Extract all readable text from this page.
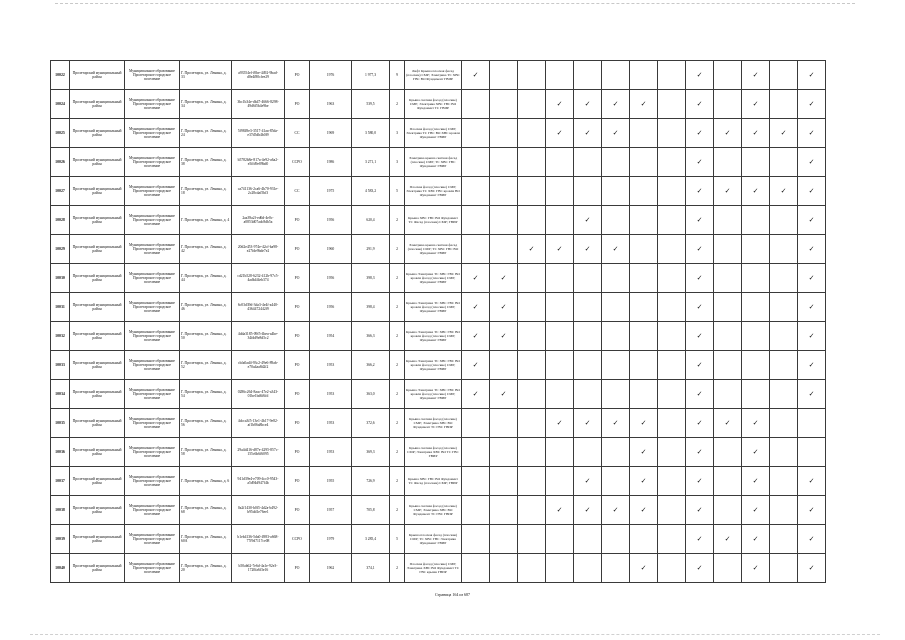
10022	Пролетарский муниципальный район	Муниципальное образование Пролетарское городское поселение	Г. Пролетарск, ул. Ленина, д. 33	a93554ef-f0be-4492-9bad-d0e4f80cfee29	РО	1976	1 977,3	9	Лифт Крыша плоская фасад (плоские) СМР; Электрика ТС ХВС ГВС ВО Фундамент ГВИР	✓								✓		✓		✓
10024	Пролетарский муниципальный район	Муниципальное образование Пролетарское городское поселение	Г. Пролетарск, ул. Ленина, д. 34	3bc1b34e-db47-4666-8298-49d6f5b4e9be	РО	1963	539,5	2	Крыша скатная фасад (плоские) СМР; Электрика ХВС ГВС ВО Фундамент ТС ГВИР				✓	✓	✓	✓		✓		✓		✓
10025	Пролетарский муниципальный район	Муниципальное образование Пролетарское городское поселение	Г. Пролетарск, ул. Ленина, д. 24	5f9849e3-3517-41aa-85da-e37d5db4b0f9	СС	1969	3 580,0	3	Плоская фасад (плоские) СМР; Электрика ТС ГВС ВО ХВС кровли Фундамент ГВИР				✓	✓	✓			✓	✓	✓	✓	✓
10026	Пролетарский муниципальный район	Муниципальное образование Пролетарское городское поселение	Г. Пролетарск, ул. Ленина, д. 38	b5782b8e-817a-4e92-a6a2-e5ffd9e89bd0	ССРО	1986	3 271,1	3	Электрика крыша скатная фасад (плоские) СМР; ТС ХВС ГВС Фундамент ГВИР									✓				✓
10027	Пролетарский муниципальный район	Муниципальное образование Пролетарское городское поселение	Г. Пролетарск, ул. Ленина, д. 18	ca741136-2ca6-4b70-931e-2c28cdaf5bf3	СС	1975	4 583,2	5	Плоская фасад (плоские) СМР; Электрика ТС ХВС ГВС кровли ВО Фундамент ГВИР									✓	✓	✓	✓	✓
10028	Пролетарский муниципальный район	Муниципальное образование Пролетарское городское поселение	Г. Пролетарск, ул. Ленина, д. 4	2aa39a2f-ed6d-4e0c-a0853d07adc8db5a	РО	1956	620,4	2	Крыша ХВС ГВС ВО Фундамент ТС Фасад (плоские) СМР; ГВИР					✓				✓				✓
10029	Пролетарский муниципальный район	Муниципальное образование Пролетарское городское поселение	Г. Пролетарск, ул. Ленина, д. 42	20d2e453-974e-42cf-ba98-e27fde9bde7e2	РО	1960	291,9	2	Электрика крыша скатная фасад (плоские) СМР; ТС ХВС ГВС ВО Фундамент ГВИР			✓	✓	✓	✓			✓				✓
10030	Пролетарский муниципальный район	Муниципальное образование Пролетарское городское поселение	Г. Пролетарск, ул. Ленина, д. 44	cd21b528-6232-412b-97c5-4adb4f4eb374	РО	1956	398,3	2	Крыша Электрика ТС ХВС ГВС ВО кровли фасад (плоские) СМР; Фундамент ГВИР	✓	✓							✓				✓
10031	Пролетарский муниципальный район	Муниципальное образование Пролетарское городское поселение	Г. Пролетарск, ул. Ленина, д. 46	6c03d39d-3da3-4e4f-a440-4364472442f9	РО	1956	398,4	2	Крыша Электрика ТС ХВС ГВС ВО кровли фасад (плоские) СМР; Фундамент ГВИР	✓	✓							✓				✓
10032	Пролетарский муниципальный район	Муниципальное образование Пролетарское городское поселение	Г. Пролетарск, ул. Ленина, д. 50	4dda3185-09f5-4bea-a4be-34fdd9e8d5c2	РО	1954	366,3	2	Крыша Электрика ТС ХВС ГВС ВО кровли фасад (плоские) СМР; Фундамент ГВИР	✓	✓							✓				✓
10033	Пролетарский муниципальный район	Муниципальное образование Пролетарское городское поселение	Г. Пролетарск, ул. Ленина, д. 52	cbfa0ad4-93c2-49e6-89ab-e70a4aa8d2f2	РО	1953	366,2	2	Крыша Электрика ТС ХВС ГВС ВО кровли фасад (плоские) СМР; Фундамент ГВИР	✓								✓				✓
10034	Пролетарский муниципальный район	Муниципальное образование Пролетарское городское поселение	Г. Пролетарск, ул. Ленина, д. 54	0286c264-8aac-47e2-a343-01be1bd6f6fd	РО	1953	363,0	2	Крыша Электрика ТС ХВС ГВС ВО кровли фасад (плоские) СМР; Фундамент ГВИР	✓	✓							✓				✓
10035	Пролетарский муниципальный район	Муниципальное образование Пролетарское городское поселение	Г. Пролетарск, ул. Ленина, д. 56	4dcca3f5-13e1-4b17-9e82-af1b06a8bce4	РО	1953	372,6	2	Крыша скатная фасад (плоские) СМР; Электрика ХВС ВО Фундамент ТС ГВС ГВИР				✓	✓	✓	✓		✓	✓	✓		
10036	Пролетарский муниципальный район	Муниципальное образование Пролетарское городское поселение	Г. Пролетарск, ул. Ленина, д. 58	29a4d416-d87e-4295-857c-155c6b6f6095	РО	1953	369,3	2	Крыша скатная фасад (плоские) СМР; Электрика ХВС ВО ТС ГВС ГВИР							✓		✓		✓		
10037	Пролетарский муниципальный район	Муниципальное образование Пролетарское городское поселение	Г. Пролетарск, ул. Ленина, д. 6	941d39e4-e709-4cc0-9543-a5d94d947f4b	РО	1955	726,9	2	Крыша ХВС ГВС ВО Фундамент ТС Фасад (плоские) СМР; ГВИР					✓		✓		✓		✓		✓
10038	Пролетарский муниципальный район	Муниципальное образование Пролетарское городское поселение	Г. Пролетарск, ул. Ленина, д. 68	0a2f1430-b0f5-4d2a-b492-b95dd1e76ee1	РО	1957	705,8	2	Крыша скатная фасад (плоские) СМР; Электрика ХВС ВО Фундамент ТС ГВС ГВИР				✓	✓	✓	✓		✓		✓		✓
10039	Пролетарский муниципальный район	Муниципальное образование Пролетарское городское поселение	Г. Пролетарск, ул. Ленина, д. 60А	b1eb4136-5da0-4983-a668-77f9d7117ce08	ССРО	1979	3 285,4	5	Крыша плоская фасад (плоские) СМР; ТС ХВС ГВС Электрика Фундамент ГВИР									✓	✓	✓		✓
10040	Пролетарский муниципальный район	Муниципальное образование Пролетарское городское поселение	Г. Пролетарск, ул. Ленина, д. 20	b50ab62-7e6d-4a1e-92e3-1720fa6f3e16	РО	1962	374,1	2	Плоская фасад (плоские) СМР; Электрика ХВС ВО Фундамент ТС ГВС крыша ГВИР							✓		✓		✓		✓
Страница 164 из 687
